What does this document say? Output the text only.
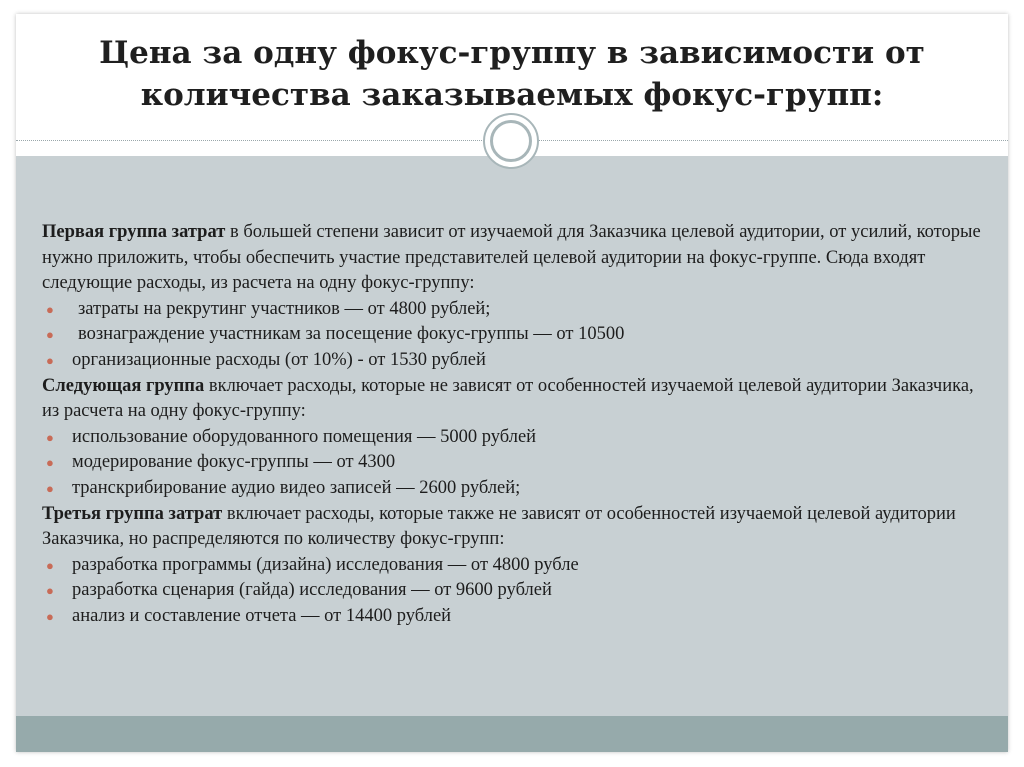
Цена за одну фокус-группу в зависимости от
количества заказываемых фокус-групп:

Первая группа затрат в большей степени зависит от изучаемой для Заказчика целевой аудитории, от усилий, которые нужно приложить, чтобы обеспечить участие представителей целевой аудитории на фокус-группе. Сюда входят следующие расходы, из расчета на одну фокус-группу:

● затраты на рекрутинг участников — от 4800 рублей;
● вознаграждение участникам за посещение фокус-группы — от 10500
● организационные расходы (от 10%) - от 1530 рублей

Следующая группа включает расходы, которые не зависят от особенностей изучаемой целевой аудитории Заказчика, из расчета на одну фокус-группу:

● использование оборудованного помещения — 5000 рублей
● модерирование фокус-группы — от 4300
● транскрибирование аудио видео записей — 2600 рублей;

Третья группа затрат включает расходы, которые также не зависят от особенностей изучаемой целевой аудитории Заказчика, но распределяются по количеству фокус-групп:

● разработка программы (дизайна) исследования — от 4800 рубле
● разработка сценария (гайда) исследования — от 9600 рублей
● анализ и составление отчета — от 14400 рублей
